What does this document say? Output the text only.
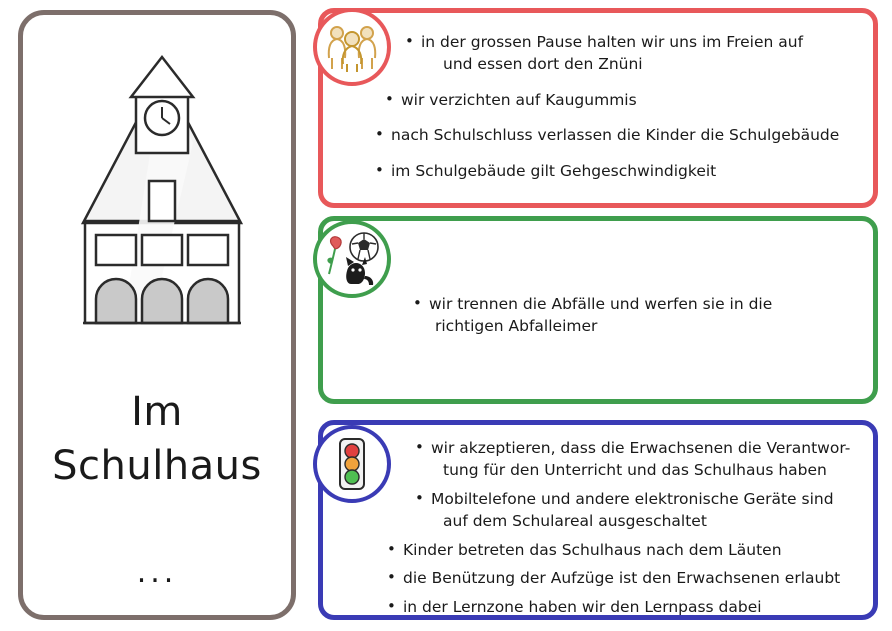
Im
Schulhaus
...
• in der grossen Pause halten wir uns im Freien auf
und essen dort den Znüni
• wir verzichten auf Kaugummis
• nach Schulschluss verlassen die Kinder die Schulgebäude
• im Schulgebäude gilt Gehgeschwindigkeit
• wir trennen die Abfälle und werfen sie in die
richtigen Abfalleimer
• wir akzeptieren, dass die Erwachsenen die Verantwor-
tung für den Unterricht und das Schulhaus haben
• Mobiltelefone und andere elektronische Geräte sind
auf dem Schulareal ausgeschaltet
• Kinder betreten das Schulhaus nach dem Läuten
• die Benützung der Aufzüge ist den Erwachsenen erlaubt
• in der Lernzone haben wir den Lernpass dabei
